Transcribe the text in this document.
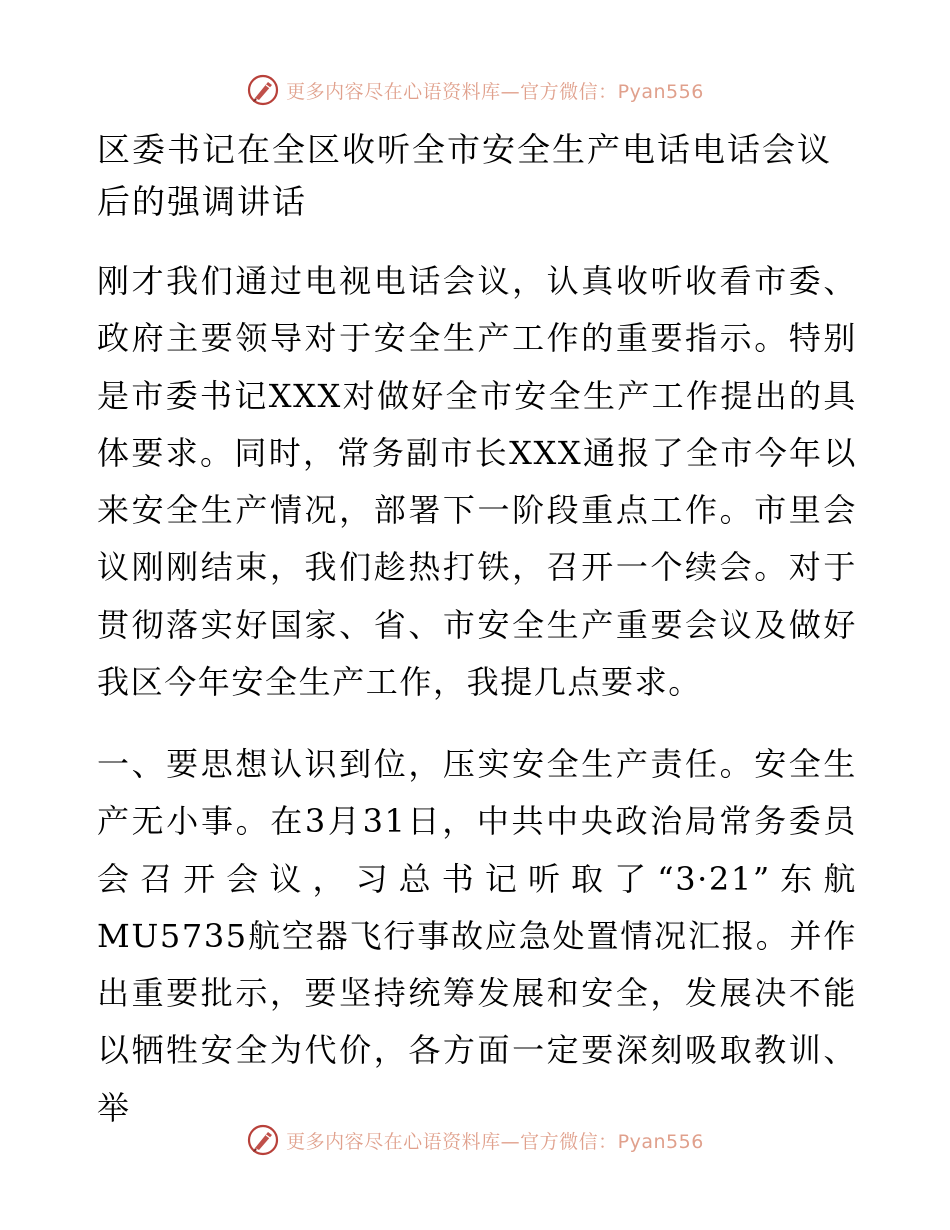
更多内容尽在心语资料库—官方微信：Pyan556
区委书记在全区收听全市安全生产电话电话会议后的强调讲话

刚才我们通过电视电话会议，认真收听收看市委、政府主要领导对于安全生产工作的重要指示。特别是市委书记XXX对做好全市安全生产工作提出的具体要求。同时，常务副市长XXX通报了全市今年以来安全生产情况，部署下一阶段重点工作。市里会议刚刚结束，我们趁热打铁，召开一个续会。对于贯彻落实好国家、省、市安全生产重要会议及做好我区今年安全生产工作，我提几点要求。

一、要思想认识到位，压实安全生产责任。安全生产无小事。在3月31日，中共中央政治局常务委员会召开会议，习总书记听取了“3·21”东航MU5735航空器飞行事故应急处置情况汇报。并作出重要批示，要坚持统筹发展和安全，发展决不能以牺牲安全为代价，各方面一定要深刻吸取教训、举

更多内容尽在心语资料库—官方微信：Pyan556
